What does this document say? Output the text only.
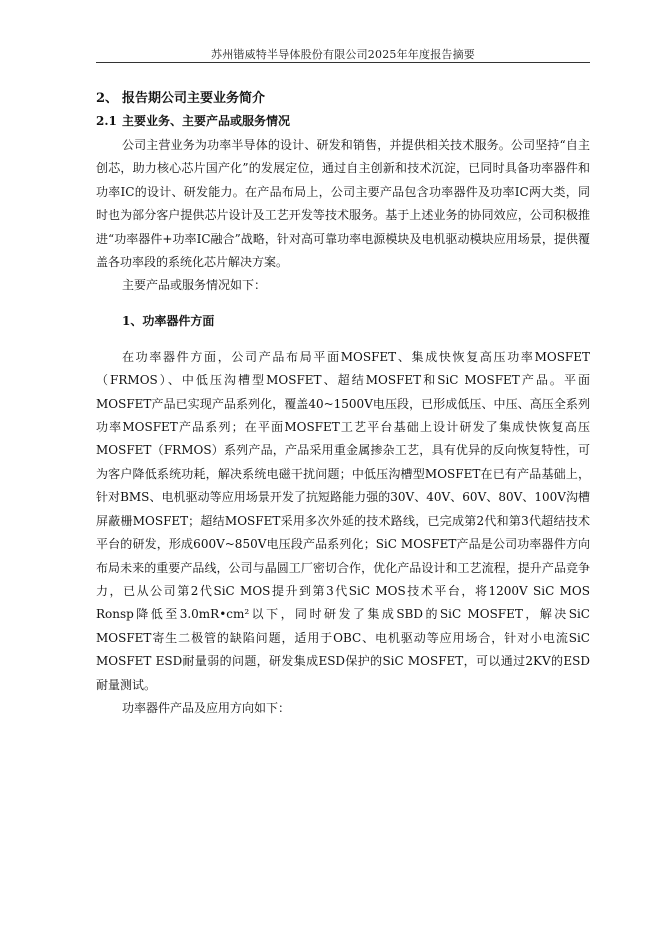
苏州锴威特半导体股份有限公司2025年年度报告摘要
2、 报告期公司主要业务简介
2.1 主要业务、主要产品或服务情况

公司主营业务为功率半导体的设计、研发和销售，并提供相关技术服务。公司坚持“自主创芯，助力核心芯片国产化”的发展定位，通过自主创新和技术沉淀，已同时具备功率器件和功率IC的设计、研发能力。在产品布局上，公司主要产品包含功率器件及功率IC两大类，同时也为部分客户提供芯片设计及工艺开发等技术服务。基于上述业务的协同效应，公司积极推进“功率器件+功率IC融合”战略，针对高可靠功率电源模块及电机驱动模块应用场景，提供覆盖各功率段的系统化芯片解决方案。

主要产品或服务情况如下：

1、功率器件方面

在功率器件方面，公司产品布局平面MOSFET、集成快恢复高压功率MOSFET（FRMOS）、中低压沟槽型MOSFET、超结MOSFET和SiC MOSFET产品。平面MOSFET产品已实现产品系列化，覆盖40~1500V电压段，已形成低压、中压、高压全系列功率MOSFET产品系列；在平面MOSFET工艺平台基础上设计研发了集成快恢复高压MOSFET（FRMOS）系列产品，产品采用重金属掺杂工艺，具有优异的反向恢复特性，可为客户降低系统功耗，解决系统电磁干扰问题；中低压沟槽型MOSFET在已有产品基础上，针对BMS、电机驱动等应用场景开发了抗短路能力强的30V、40V、60V、80V、100V沟槽屏蔽栅MOSFET；超结MOSFET采用多次外延的技术路线，已完成第2代和第3代超结技术平台的研发，形成600V~850V电压段产品系列化；SiC MOSFET产品是公司功率器件方向布局未来的重要产品线，公司与晶圆工厂密切合作，优化产品设计和工艺流程，提升产品竞争力，已从公司第2代SiC MOS提升到第3代SiC MOS技术平台，将1200V SiC MOS Ronsp降低至3.0mR•cm²以下，同时研发了集成SBD的SiC MOSFET，解决SiC MOSFET寄生二极管的缺陷问题，适用于OBC、电机驱动等应用场合，针对小电流SiC MOSFET ESD耐量弱的问题，研发集成ESD保护的SiC MOSFET，可以通过2KV的ESD耐量测试。

功率器件产品及应用方向如下：
